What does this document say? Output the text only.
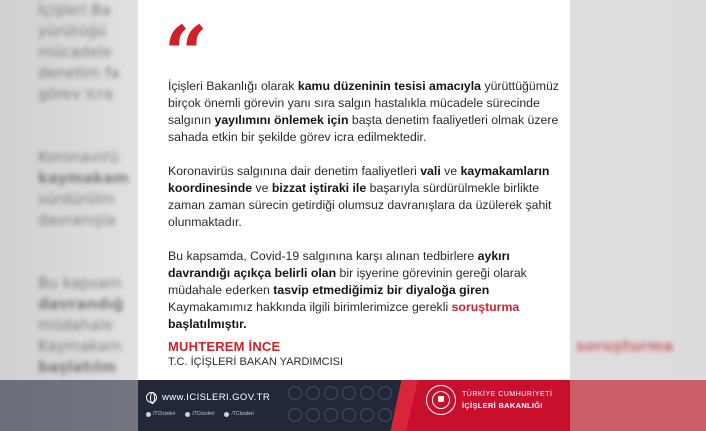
İçişleri Ba
yürütüğü
mücadele
denetim fa
görev icra

Koronavirü
kaymakam
sürdürülm
davranışla

Bu kapsam
davrandığ
müdahale
Kaymakam
başlatılm

soruşturma

“

İçişleri Bakanlığı olarak kamu düzeninin tesisi amacıyla yürüttüğümüz birçok önemli görevin yanı sıra salgın hastalıkla mücadele sürecinde salgının yayılımını önlemek için başta denetim faaliyetleri olmak üzere sahada etkin bir şekilde görev icra edilmektedir.

Koronavirüs salgınına dair denetim faaliyetleri vali ve kaymakamların koordinesinde ve bizzat iştiraki ile başarıyla sürdürülmekle birlikte zaman zaman sürecin getirdiği olumsuz davranışlara da üzülerek şahit olunmaktadır.

Bu kapsamda, Covid-19 salgınına karşı alınan tedbirlere aykırı davrandığı açıkça belirli olan bir işyerine görevinin gereği olarak müdahale ederken tasvip etmediğimiz bir diyaloğa giren Kaymakamımız hakkında ilgili birimlerimizce gerekli soruşturma başlatılmıştır.

MUHTEREM İNCE
T.C. İÇİŞLERİ BAKAN YARDIMCISI
www.ICISLERI.GOV.TR
/TCIcisleri	/TCIcisleri	/TCIcisleri
TÜRKİYE CUMHURİYETİ
İÇİŞLERİ BAKANLIĞI
